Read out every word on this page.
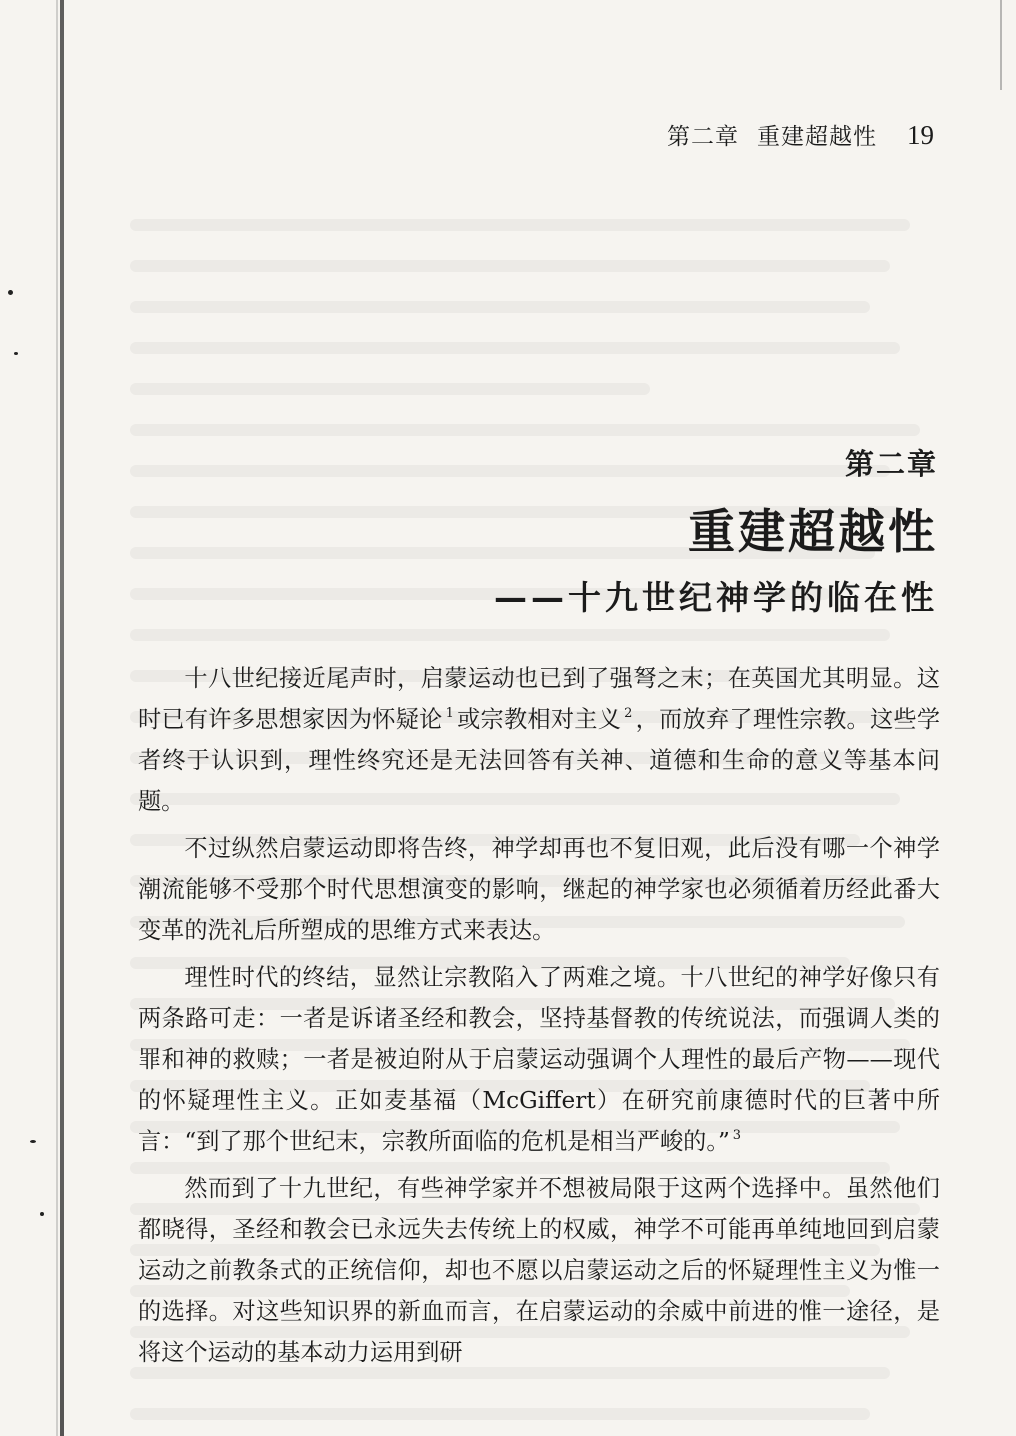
第二章 重建超越性 19
第二章
重建超越性
——十九世纪神学的临在性

十八世纪接近尾声时，启蒙运动也已到了强弩之末；在英国尤其明显。这时已有许多思想家因为怀疑论 $^1$ 或宗教相对主义 $^2$ ，而放弃了理性宗教。这些学者终于认识到，理性终究还是无法回答有关神、道德和生命的意义等基本问题。

不过纵然启蒙运动即将告终，神学却再也不复旧观，此后没有哪一个神学潮流能够不受那个时代思想演变的影响，继起的神学家也必须循着历经此番大变革的洗礼后所塑成的思维方式来表达。

理性时代的终结，显然让宗教陷入了两难之境。十八世纪的神学好像只有两条路可走：一者是诉诸圣经和教会，坚持基督教的传统说法，而强调人类的罪和神的救赎；一者是被迫附从于启蒙运动强调个人理性的最后产物——现代的怀疑理性主义。正如麦基福（McGiffert）在研究前康德时代的巨著中所言：“到了那个世纪末，宗教所面临的危机是相当严峻的。” $^3$

然而到了十九世纪，有些神学家并不想被局限于这两个选择中。虽然他们都晓得，圣经和教会已永远失去传统上的权威，神学不可能再单纯地回到启蒙运动之前教条式的正统信仰，却也不愿以启蒙运动之后的怀疑理性主义为惟一的选择。对这些知识界的新血而言，在启蒙运动的余威中前进的惟一途径，是将这个运动的基本动力运用到研
